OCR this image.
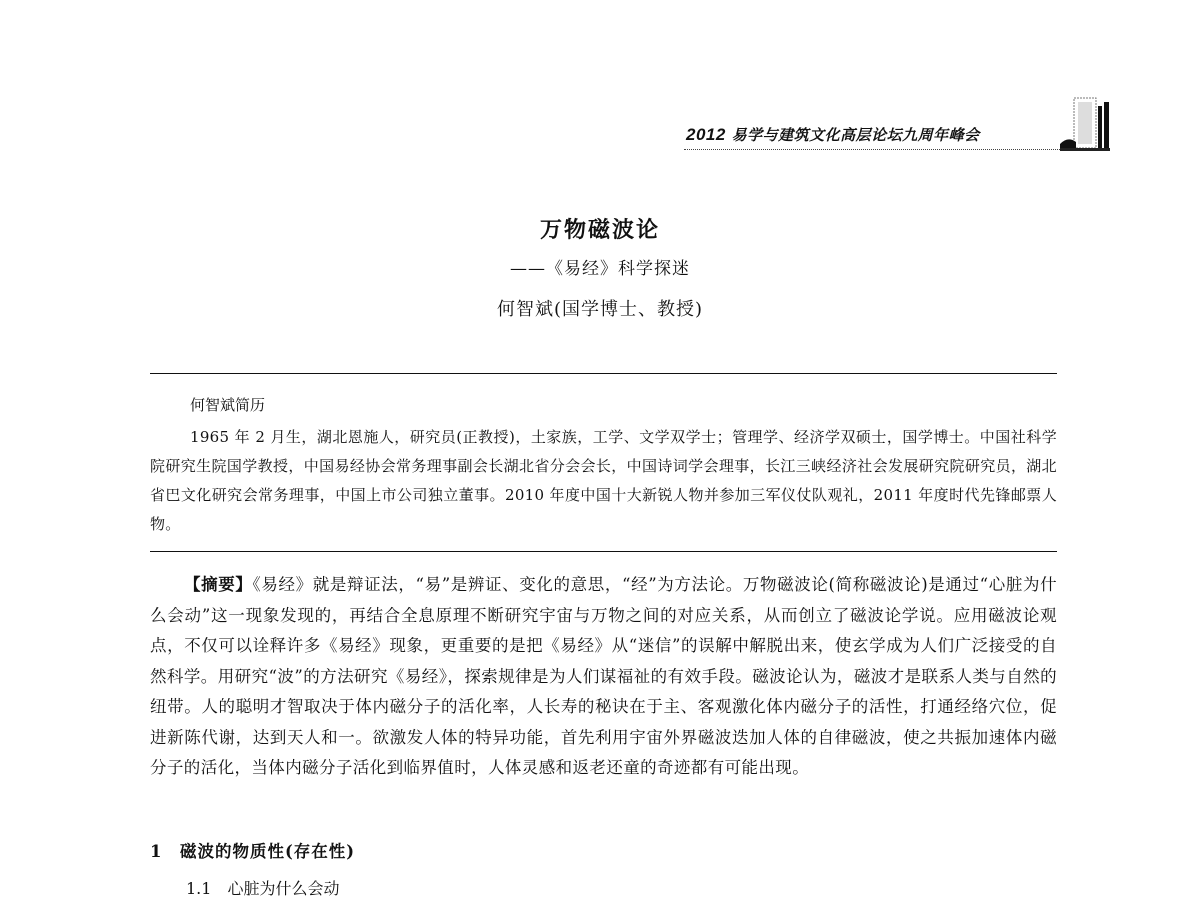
2012 易学与建筑文化高层论坛九周年峰会
万物磁波论
——《易经》科学探迷
何智斌(国学博士、教授)
何智斌简历
1965 年 2 月生，湖北恩施人，研究员(正教授)，土家族，工学、文学双学士；管理学、经济学双硕士，国学博士。中国社科学院研究生院国学教授，中国易经协会常务理事副会长湖北省分会会长，中国诗词学会理事，长江三峡经济社会发展研究院研究员，湖北省巴文化研究会常务理事，中国上市公司独立董事。2010 年度中国十大新锐人物并参加三军仪仗队观礼，2011 年度时代先锋邮票人物。
【摘要】《易经》就是辩证法，“易”是辨证、变化的意思，“经”为方法论。万物磁波论(简称磁波论)是通过“心脏为什么会动”这一现象发现的，再结合全息原理不断研究宇宙与万物之间的对应关系，从而创立了磁波论学说。应用磁波论观点，不仅可以诠释许多《易经》现象，更重要的是把《易经》从“迷信”的误解中解脱出来，使玄学成为人们广泛接受的自然科学。用研究“波”的方法研究《易经》，探索规律是为人们谋福祉的有效手段。磁波论认为，磁波才是联系人类与自然的纽带。人的聪明才智取决于体内磁分子的活化率，人长寿的秘诀在于主、客观激化体内磁分子的活性，打通经络穴位，促进新陈代谢，达到天人和一。欲激发人体的特异功能，首先利用宇宙外界磁波迭加人体的自律磁波，使之共振加速体内磁分子的活化，当体内磁分子活化到临界值时，人体灵感和返老还童的奇迹都有可能出现。
1 磁波的物质性(存在性)
1.1　心脏为什么会动
